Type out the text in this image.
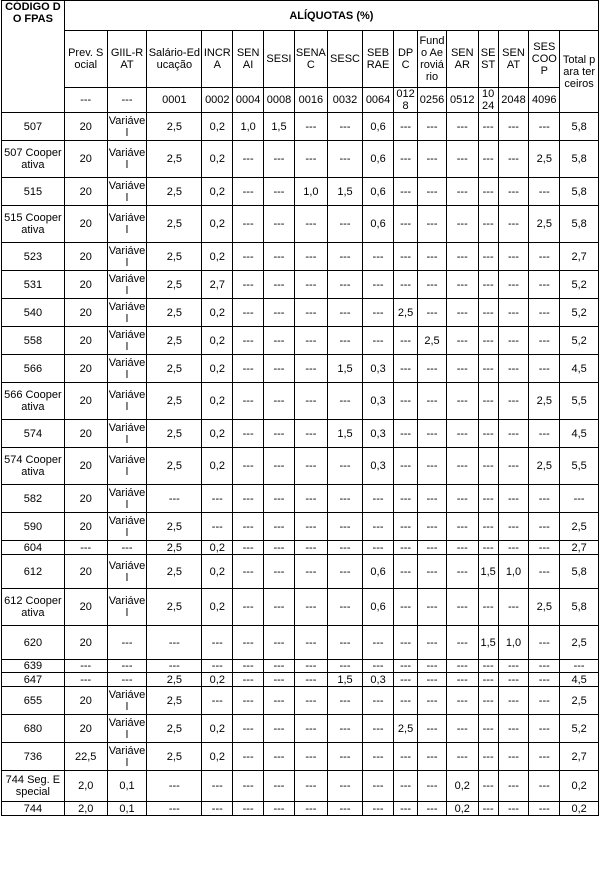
CÓDIGO DO FPAS	ALÍQUOTAS (%)															
	Prev. Social	GIIL-RAT	Salário-Educação	INCRA	SENAI	SESI	SENAC	SESC	SEBRAE	DPC	Fundo Aeroviário	SENAR	SEST	SENAT	SESCOOP	Total para terceiros
	---	---	0001	0002	0004	0008	0016	0032	0064	0128	0256	0512	1024	2048	4096	
507	20	Variável	2,5	0,2	1,0	1,5	---	---	0,6	---	---	---	---	---	---	5,8
507 Cooperativa	20	Variável	2,5	0,2	---	---	---	---	0,6	---	---	---	---	---	2,5	5,8
515	20	Variável	2,5	0,2	---	---	1,0	1,5	0,6	---	---	---	---	---	---	5,8
515 Cooperativa	20	Variável	2,5	0,2	---	---	---	---	0,6	---	---	---	---	---	2,5	5,8
523	20	Variável	2,5	0,2	---	---	---	---	---	---	---	---	---	---	---	2,7
531	20	Variável	2,5	2,7	---	---	---	---	---	---	---	---	---	---	---	5,2
540	20	Variável	2,5	0,2	---	---	---	---	---	2,5	---	---	---	---	---	5,2
558	20	Variável	2,5	0,2	---	---	---	---	---	---	2,5	---	---	---	---	5,2
566	20	Variável	2,5	0,2	---	---	---	1,5	0,3	---	---	---	---	---	---	4,5
566 Cooperativa	20	Variável	2,5	0,2	---	---	---	---	0,3	---	---	---	---	---	2,5	5,5
574	20	Variável	2,5	0,2	---	---	---	1,5	0,3	---	---	---	---	---	---	4,5
574 Cooperativa	20	Variável	2,5	0,2	---	---	---	---	0,3	---	---	---	---	---	2,5	5,5
582	20	Variável	---	---	---	---	---	---	---	---	---	---	---	---	---	---
590	20	Variável	2,5	---	---	---	---	---	---	---	---	---	---	---	---	2,5
604	---	---	2,5	0,2	---	---	---	---	---	---	---	---	---	---	---	2,7
612	20	Variável	2,5	0,2	---	---	---	---	0,6	---	---	---	1,5	1,0	---	5,8
612 Cooperativa	20	Variável	2,5	0,2	---	---	---	---	0,6	---	---	---	---	---	2,5	5,8
620	20	---	---	---	---	---	---	---	---	---	---	---	1,5	1,0	---	2,5
639	---	---	---	---	---	---	---	---	---	---	---	---	---	---	---	---
647	---	---	2,5	0,2	---	---	---	1,5	0,3	---	---	---	---	---	---	4,5
655	20	Variável	2,5	---	---	---	---	---	---	---	---	---	---	---	---	2,5
680	20	Variável	2,5	0,2	---	---	---	---	---	2,5	---	---	---	---	---	5,2
736	22,5	Variável	2,5	0,2	---	---	---	---	---	---	---	---	---	---	---	2,7
744 Seg. Especial	2,0	0,1	---	---	---	---	---	---	---	---	---	0,2	---	---	---	0,2
744	2,0	0,1	---	---	---	---	---	---	---	---	---	0,2	---	---	---	0,2
